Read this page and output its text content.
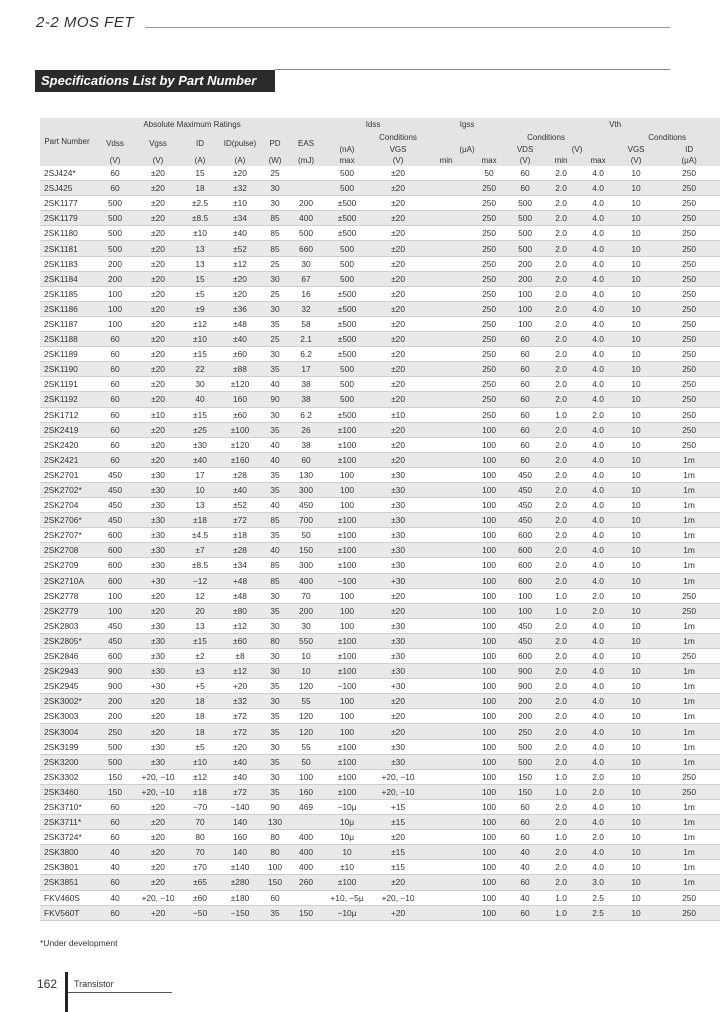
2-2 MOS FET
Specifications List by Part Number
Part Number	Absolute Maximum Ratings						Idss		Igss		Vth				
	Vdss	Vgss	ID	ID(pulse)	PD	EAS		Conditions			Conditions			Conditions	
							(nA)	VGS	(μA)		VDS	(V)		VGS	ID
	(V)	(V)	(A)	(A)	(W)	(mJ)	max	(V)	min	max	(V)	min	max	(V)	(μA)
2SJ424*	60	±20	15	±20	25		500	±20		50	60	2.0	4.0	10	250
2SJ425	60	±20	18	±32	30		500	±20		250	60	2.0	4.0	10	250
2SK1177	500	±20	±2.5	±10	30	200	±500	±20		250	500	2.0	4.0	10	250
2SK1179	500	±20	±8.5	±34	85	400	±500	±20		250	500	2.0	4.0	10	250
2SK1180	500	±20	±10	±40	85	500	±500	±20		250	500	2.0	4.0	10	250
2SK1181	500	±20	13	±52	85	660	500	±20		250	500	2.0	4.0	10	250
2SK1183	200	±20	13	±12	25	30	500	±20		250	200	2.0	4.0	10	250
2SK1184	200	±20	15	±20	30	67	500	±20		250	200	2.0	4.0	10	250
2SK1185	100	±20	±5	±20	25	16	±500	±20		250	100	2.0	4.0	10	250
2SK1186	100	±20	±9	±36	30	32	±500	±20		250	100	2.0	4.0	10	250
2SK1187	100	±20	±12	±48	35	58	±500	±20		250	100	2.0	4.0	10	250
2SK1188	60	±20	±10	±40	25	2.1	±500	±20		250	60	2.0	4.0	10	250
2SK1189	60	±20	±15	±60	30	6.2	±500	±20		250	60	2.0	4.0	10	250
2SK1190	60	±20	22	±88	35	17	500	±20		250	60	2.0	4.0	10	250
2SK1191	60	±20	30	±120	40	38	500	±20		250	60	2.0	4.0	10	250
2SK1192	60	±20	40	160	90	38	500	±20		250	60	2.0	4.0	10	250
2SK1712	60	±10	±15	±60	30	6.2	±500	±10		250	60	1.0	2.0	10	250
2SK2419	60	±20	±25	±100	35	26	±100	±20		100	60	2.0	4.0	10	250
2SK2420	60	±20	±30	±120	40	38	±100	±20		100	60	2.0	4.0	10	250
2SK2421	60	±20	±40	±160	40	60	±100	±20		100	60	2.0	4.0	10	1m
2SK2701	450	±30	17	±28	35	130	100	±30		100	450	2.0	4.0	10	1m
2SK2702*	450	±30	10	±40	35	300	100	±30		100	450	2.0	4.0	10	1m
2SK2704	450	±30	13	±52	40	450	100	±30		100	450	2.0	4.0	10	1m
2SK2706*	450	±30	±18	±72	85	700	±100	±30		100	450	2.0	4.0	10	1m
2SK2707*	600	±30	±4.5	±18	35	50	±100	±30		100	600	2.0	4.0	10	1m
2SK2708	600	±30	±7	±28	40	150	±100	±30		100	600	2.0	4.0	10	1m
2SK2709	600	±30	±8.5	±34	85	300	±100	±30		100	600	2.0	4.0	10	1m
2SK2710A	600	+30	−12	+48	85	400	−100	+30		100	600	2.0	4.0	10	1m
2SK2778	100	±20	12	±48	30	70	100	±20		100	100	1.0	2.0	10	250
2SK2779	100	±20	20	±80	35	200	100	±20		100	100	1.0	2.0	10	250
2SK2803	450	±30	13	±12	30	30	100	±30		100	450	2.0	4.0	10	1m
2SK2805*	450	±30	±15	±60	80	550	±100	±30		100	450	2.0	4.0	10	1m
2SK2846	600	±30	±2	±8	30	10	±100	±30		100	600	2.0	4.0	10	250
2SK2943	900	±30	±3	±12	30	10	±100	±30		100	900	2.0	4.0	10	1m
2SK2945	900	+30	+5	+20	35	120	−100	+30		100	900	2.0	4.0	10	1m
2SK3002*	200	±20	18	±32	30	55	100	±20		100	200	2.0	4.0	10	1m
2SK3003	200	±20	18	±72	35	120	100	±20		100	200	2.0	4.0	10	1m
2SK3004	250	±20	18	±72	35	120	100	±20		100	250	2.0	4.0	10	1m
2SK3199	500	±30	±5	±20	30	55	±100	±30		100	500	2.0	4.0	10	1m
2SK3200	500	±30	±10	±40	35	50	±100	±30		100	500	2.0	4.0	10	1m
2SK3302	150	+20, −10	±12	±40	30	100	±100	+20, −10		100	150	1.0	2.0	10	250
2SK3460	150	+20, −10	±18	±72	35	160	±100	+20, −10		100	150	1.0	2.0	10	250
2SK3710*	60	±20	−70	−140	90	469	−10μ	+15		100	60	2.0	4.0	10	1m
2SK3711*	60	±20	70	140	130		10μ	±15		100	60	2.0	4.0	10	1m
2SK3724*	60	±20	80	160	80	400	10μ	±20		100	60	1.0	2.0	10	1m
2SK3800	40	±20	70	140	80	400	10	±15		100	40	2.0	4.0	10	1m
2SK3801	40	±20	±70	±140	100	400	±10	±15		100	40	2.0	4.0	10	1m
2SK3851	60	±20	±65	±280	150	260	±100	±20		100	60	2.0	3.0	10	1m
FKV460S	40	+20, −10	±60	±180	60		+10, −5μ	+20, −10		100	40	1.0	2.5	10	250
FKV560T	60	+20	−50	−150	35	150	−10μ	+20		100	60	1.0	2.5	10	250
*Under development
162 Transistor
